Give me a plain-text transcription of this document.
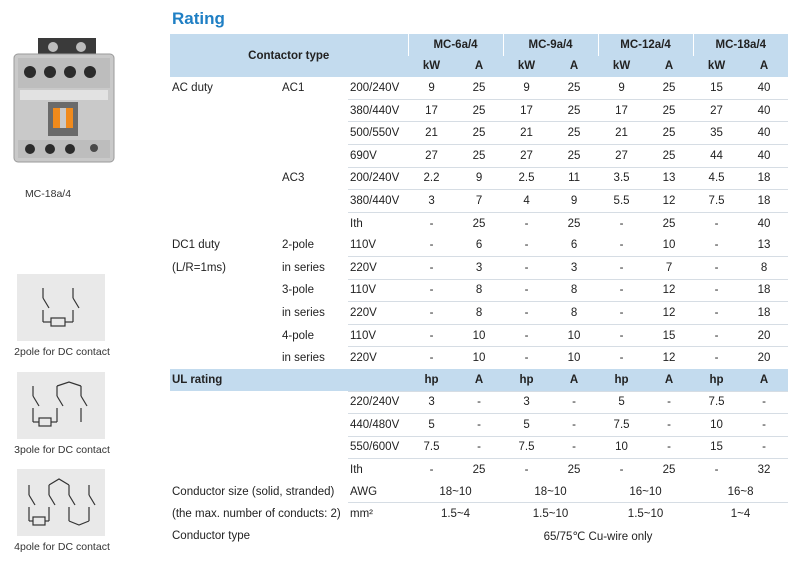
Rating
MC-18a/4
2pole for DC contact
3pole for DC contact
4pole for DC contact
Contactor type			MC-6a/4		MC-9a/4		MC-12a/4		MC-18a/4	
			kW	A	kW	A	kW	A	kW	A
AC duty	AC1	200/240V	9	25	9	25	9	25	15	40
		380/440V	17	25	17	25	17	25	27	40
		500/550V	21	25	21	25	21	25	35	40
		690V	27	25	27	25	27	25	44	40
	AC3	200/240V	2.2	9	2.5	11	3.5	13	4.5	18
		380/440V	3	7	4	9	5.5	12	7.5	18
		Ith	-	25	-	25	-	25	-	40
DC1 duty	2-pole	110V	-	6	-	6	-	10	-	13
(L/R=1ms)	in series	220V	-	3	-	3	-	7	-	8
	3-pole	110V	-	8	-	8	-	12	-	18
	in series	220V	-	8	-	8	-	12	-	18
	4-pole	110V	-	10	-	10	-	15	-	20
	in series	220V	-	10	-	10	-	12	-	20
UL rating			hp	A	hp	A	hp	A	hp	A
		220/240V	3	-	3	-	5	-	7.5	-
		440/480V	5	-	5	-	7.5	-	10	-
		550/600V	7.5	-	7.5	-	10	-	15	-
		Ith	-	25	-	25	-	25	-	32
Conductor size (solid, stranded)		AWG	18~10		18~10		16~10		16~8	
(the max. number of conducts: 2)		mm²	1.5~4		1.5~10		1.5~10		1~4	
Conductor type			65/75℃ Cu-wire only							
